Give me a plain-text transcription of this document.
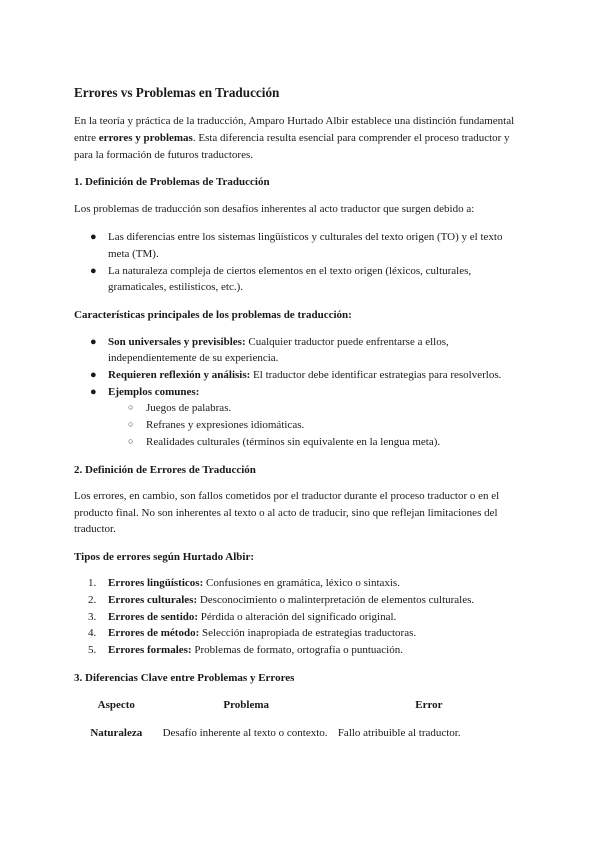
Errores vs Problemas en Traducción

En la teoría y práctica de la traducción, Amparo Hurtado Albir establece una distinción fundamental entre errores y problemas. Esta diferencia resulta esencial para comprender el proceso traductor y para la formación de futuros traductores.

1. Definición de Problemas de Traducción

Los problemas de traducción son desafíos inherentes al acto traductor que surgen debido a:

● Las diferencias entre los sistemas lingüísticos y culturales del texto origen (TO) y el texto meta (TM).
● La naturaleza compleja de ciertos elementos en el texto origen (léxicos, culturales, gramaticales, estilísticos, etc.).
Características principales de los problemas de traducción:
● Son universales y previsibles: Cualquier traductor puede enfrentarse a ellos, independientemente de su experiencia.
● Requieren reflexión y análisis: El traductor debe identificar estrategias para resolverlos.
● Ejemplos comunes:
○ Juegos de palabras.
○ Refranes y expresiones idiomáticas.
○ Realidades culturales (términos sin equivalente en la lengua meta).
2. Definición de Errores de Traducción

Los errores, en cambio, son fallos cometidos por el traductor durante el proceso traductor o en el producto final. No son inherentes al texto o al acto de traducir, sino que reflejan limitaciones del traductor.

Tipos de errores según Hurtado Albir:
1. Errores lingüísticos: Confusiones en gramática, léxico o sintaxis.
2. Errores culturales: Desconocimiento o malinterpretación de elementos culturales.
3. Errores de sentido: Pérdida o alteración del significado original.
4. Errores de método: Selección inapropiada de estrategias traductoras.
5. Errores formales: Problemas de formato, ortografía o puntuación.
3. Diferencias Clave entre Problemas y Errores
Aspecto	Problema	Error
Naturaleza	Desafío inherente al texto o contexto.	Fallo atribuible al traductor.
